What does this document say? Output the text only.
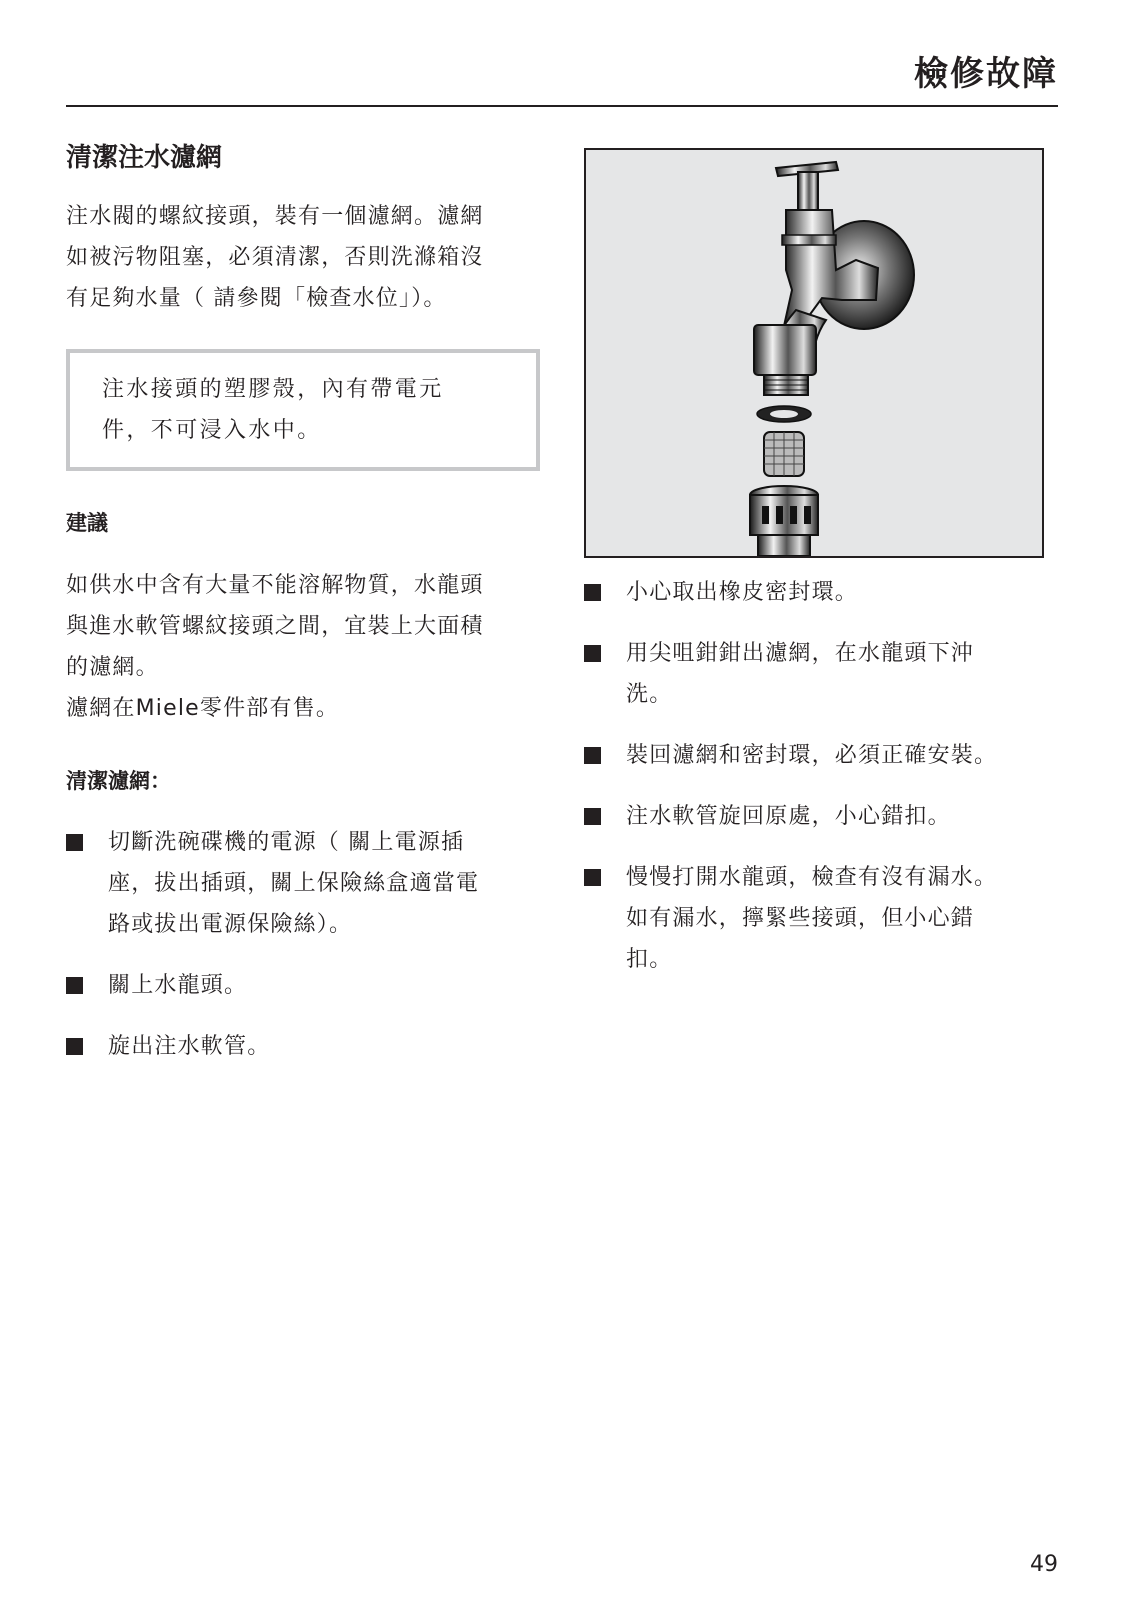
檢修故障
清潔注水濾網

注水閥的螺紋接頭，裝有一個濾網。濾網
如被污物阻塞，必須清潔，否則洗滌箱沒
有足夠水量（ 請參閱「檢查水位」）。

注水接頭的塑膠殼，內有帶電元
件，不可浸入水中。

建議

如供水中含有大量不能溶解物質，水龍頭
與進水軟管螺紋接頭之間，宜裝上大面積
的濾網。
濾網在Miele零件部有售。

清潔濾網：
切斷洗碗碟機的電源（ 關上電源插
座，拔出插頭，關上保險絲盒適當電
路或拔出電源保險絲）。
關上水龍頭。
旋出注水軟管。
小心取出橡皮密封環。
用尖咀鉗鉗出濾網，在水龍頭下沖
洗。
裝回濾網和密封環，必須正確安裝。
注水軟管旋回原處，小心錯扣。
慢慢打開水龍頭，檢查有沒有漏水。
如有漏水，擰緊些接頭，但小心錯
扣。
49
